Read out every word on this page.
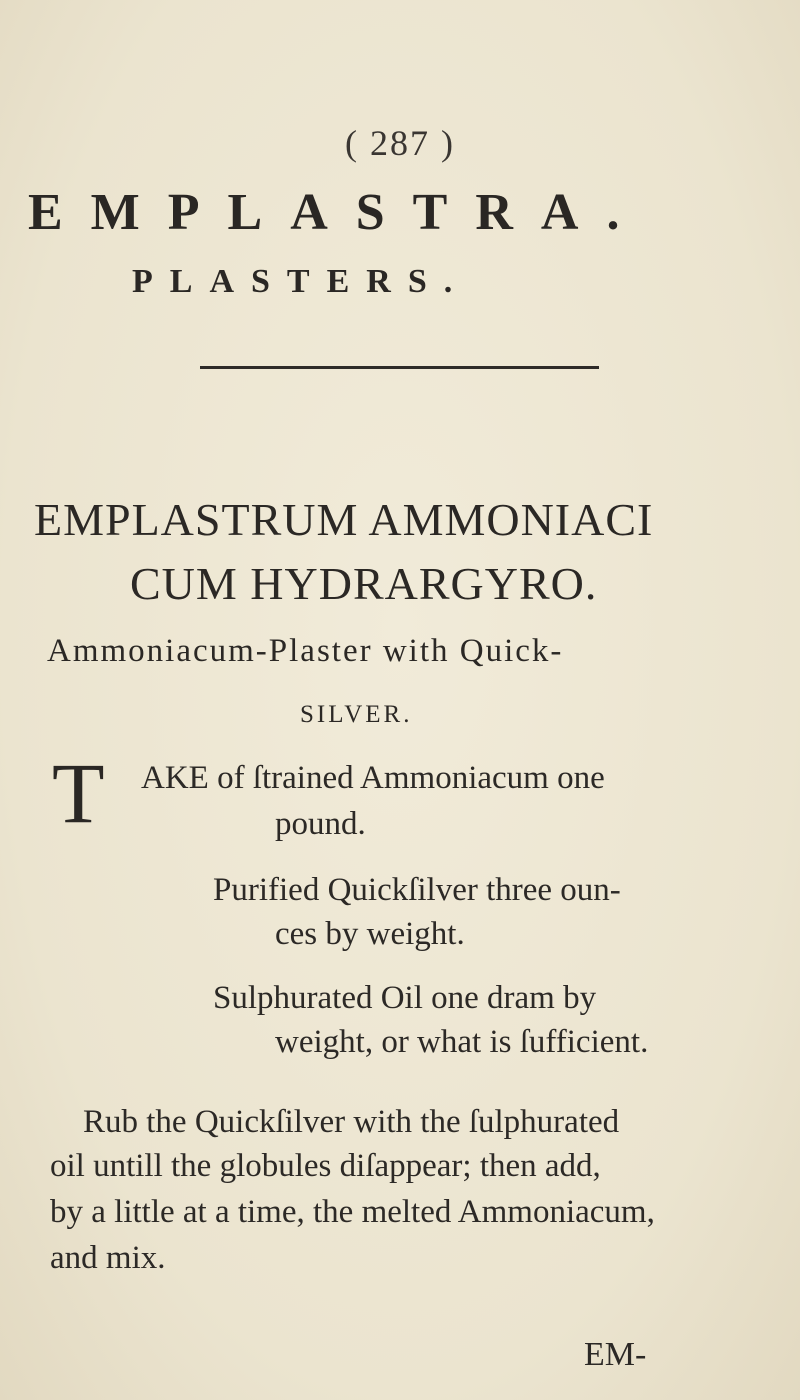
( 287 )
EMPLASTRA.
PLASTERS.
EMPLASTRUM AMMONIACI
CUM HYDRARGYRO.
Ammoniacum-Plaster with Quick-
SILVER.
T AKE of ſtrained Ammoniacum one
pound.
Purified Quickſilver three oun-
ces by weight.
Sulphurated Oil one dram by
weight, or what is ſufficient.
Rub the Quickſilver with the ſulphurated
oil untill the globules diſappear; then add,
by a little at a time, the melted Ammoniacum,
and mix.
EM-
